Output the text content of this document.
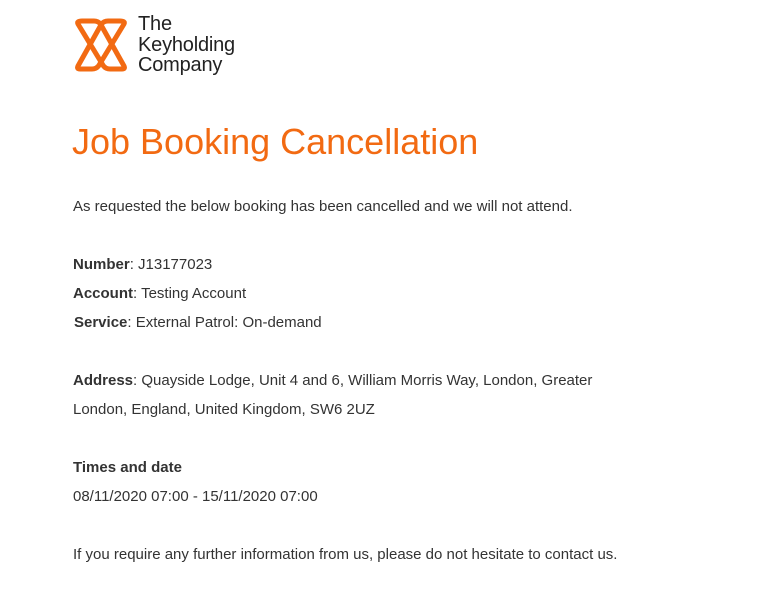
The
Keyholding
Company
Job Booking Cancellation

As requested the below booking has been cancelled and we will not attend.

Number: J13177023

Account: Testing Account

Service: External Patrol: On-demand

Address: Quayside Lodge, Unit 4 and 6, William Morris Way, London, Greater London, England, United Kingdom, SW6 2UZ

Times and date

08/11/2020 07:00 - 15/11/2020 07:00

If you require any further information from us, please do not hesitate to contact us.
